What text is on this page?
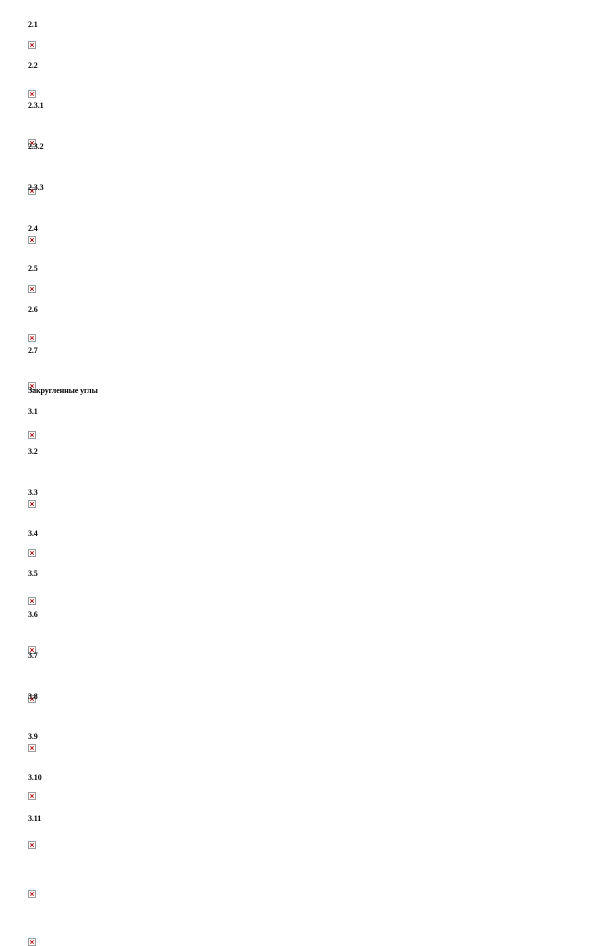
2.1
2.2
2.3.1
2.3.2
2.3.3
2.4
2.5
2.6
2.7
Закругленные углы
3.1
3.2
3.3
3.4
3.5
3.6
3.7
3.8
3.9
3.10
3.11
